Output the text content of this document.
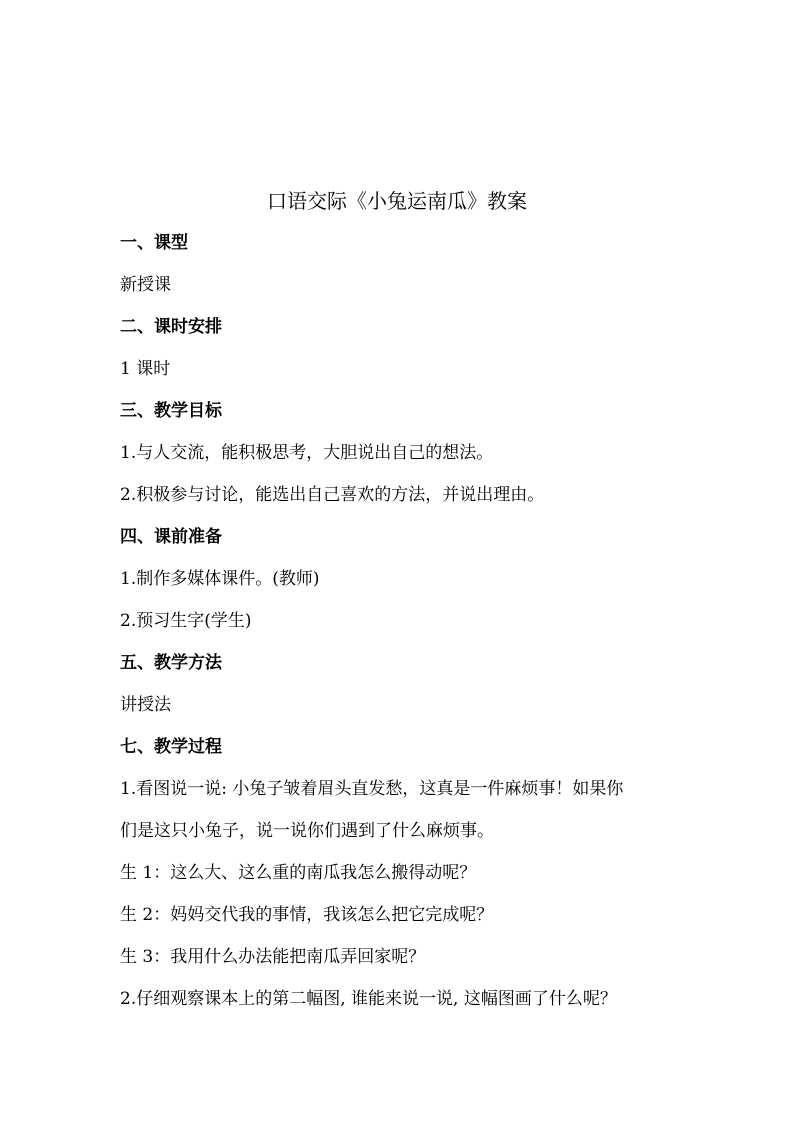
口语交际《小兔运南瓜》教案
一、课型
新授课
二、课时安排
1 课时
三、教学目标
1.与人交流，能积极思考，大胆说出自己的想法。
2.积极参与讨论，能选出自己喜欢的方法，并说出理由。
四、课前准备
1.制作多媒体课件。(教师)
2.预习生字(学生)
五、教学方法
讲授法
七、教学过程
1.看图说一说: 小兔子皱着眉头直发愁，这真是一件麻烦事！如果你
们是这只小兔子，说一说你们遇到了什么麻烦事。
生 1：这么大、这么重的南瓜我怎么搬得动呢？
生 2：妈妈交代我的事情，我该怎么把它完成呢？
生 3：我用什么办法能把南瓜弄回家呢？
2.仔细观察课本上的第二幅图, 谁能来说一说, 这幅图画了什么呢？
